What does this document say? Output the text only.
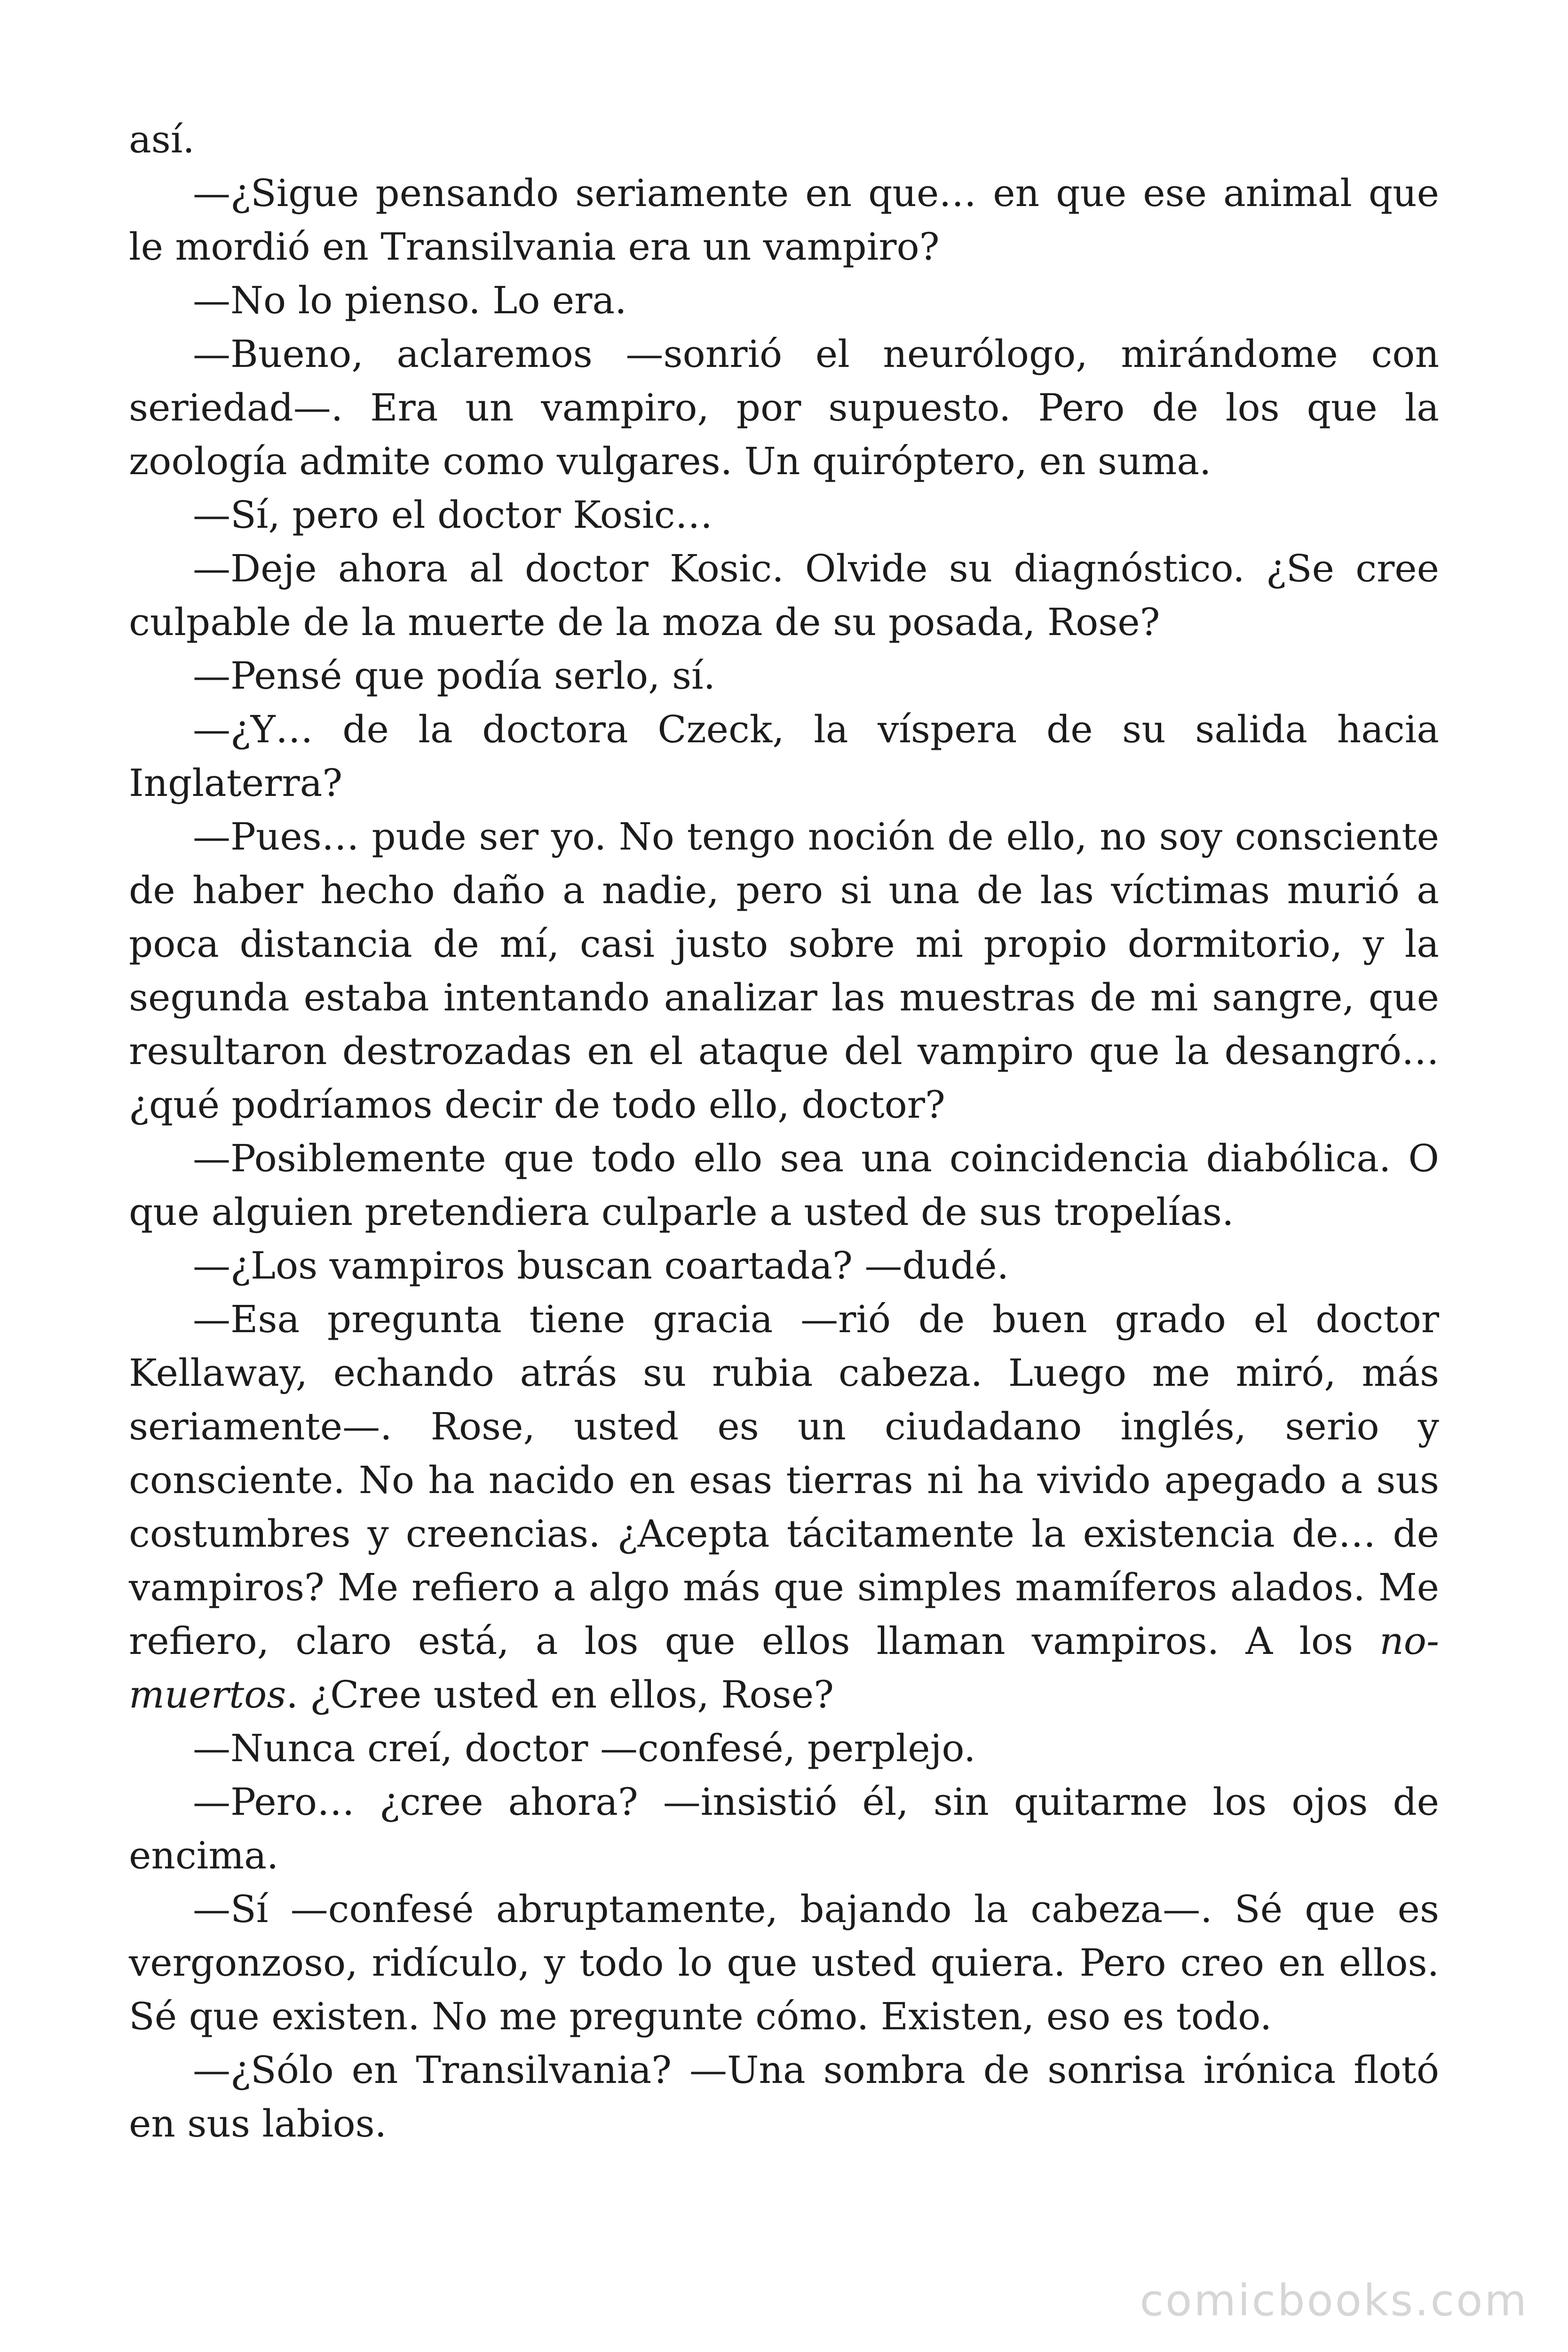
así.

—¿Sigue pensando seriamente en que… en que ese animal que le mordió en Transilvania era un vampiro?

—No lo pienso. Lo era.

—Bueno, aclaremos —sonrió el neurólogo, mirándome con seriedad—. Era un vampiro, por supuesto. Pero de los que la zoología admite como vulgares. Un quiróptero, en suma.

—Sí, pero el doctor Kosic…

—Deje ahora al doctor Kosic. Olvide su diagnóstico. ¿Se cree culpable de la muerte de la moza de su posada, Rose?

—Pensé que podía serlo, sí.

—¿Y… de la doctora Czeck, la víspera de su salida hacia Inglaterra?

—Pues… pude ser yo. No tengo noción de ello, no soy consciente de haber hecho daño a nadie, pero si una de las víctimas murió a poca distancia de mí, casi justo sobre mi propio dormitorio, y la segunda estaba intentando analizar las muestras de mi sangre, que resultaron destrozadas en el ataque del vampiro que la desangró… ¿qué podríamos decir de todo ello, doctor?

—Posiblemente que todo ello sea una coincidencia diabólica. O que alguien pretendiera culparle a usted de sus tropelías.

—¿Los vampiros buscan coartada? —dudé.

—Esa pregunta tiene gracia —rió de buen grado el doctor Kellaway, echando atrás su rubia cabeza. Luego me miró, más seriamente—. Rose, usted es un ciudadano inglés, serio y consciente. No ha nacido en esas tierras ni ha vivido apegado a sus costumbres y creencias. ¿Acepta tácitamente la existencia de… de vampiros? Me refiero a algo más que simples mamíferos alados. Me refiero, claro está, a los que ellos llaman vampiros. A los no-muertos. ¿Cree usted en ellos, Rose?

—Nunca creí, doctor —confesé, perplejo.

—Pero… ¿cree ahora? —insistió él, sin quitarme los ojos de encima.

—Sí —confesé abruptamente, bajando la cabeza—. Sé que es vergonzoso, ridículo, y todo lo que usted quiera. Pero creo en ellos. Sé que existen. No me pregunte cómo. Existen, eso es todo.

—¿Sólo en Transilvania? —Una sombra de sonrisa irónica flotó en sus labios.

comicbooks.com
